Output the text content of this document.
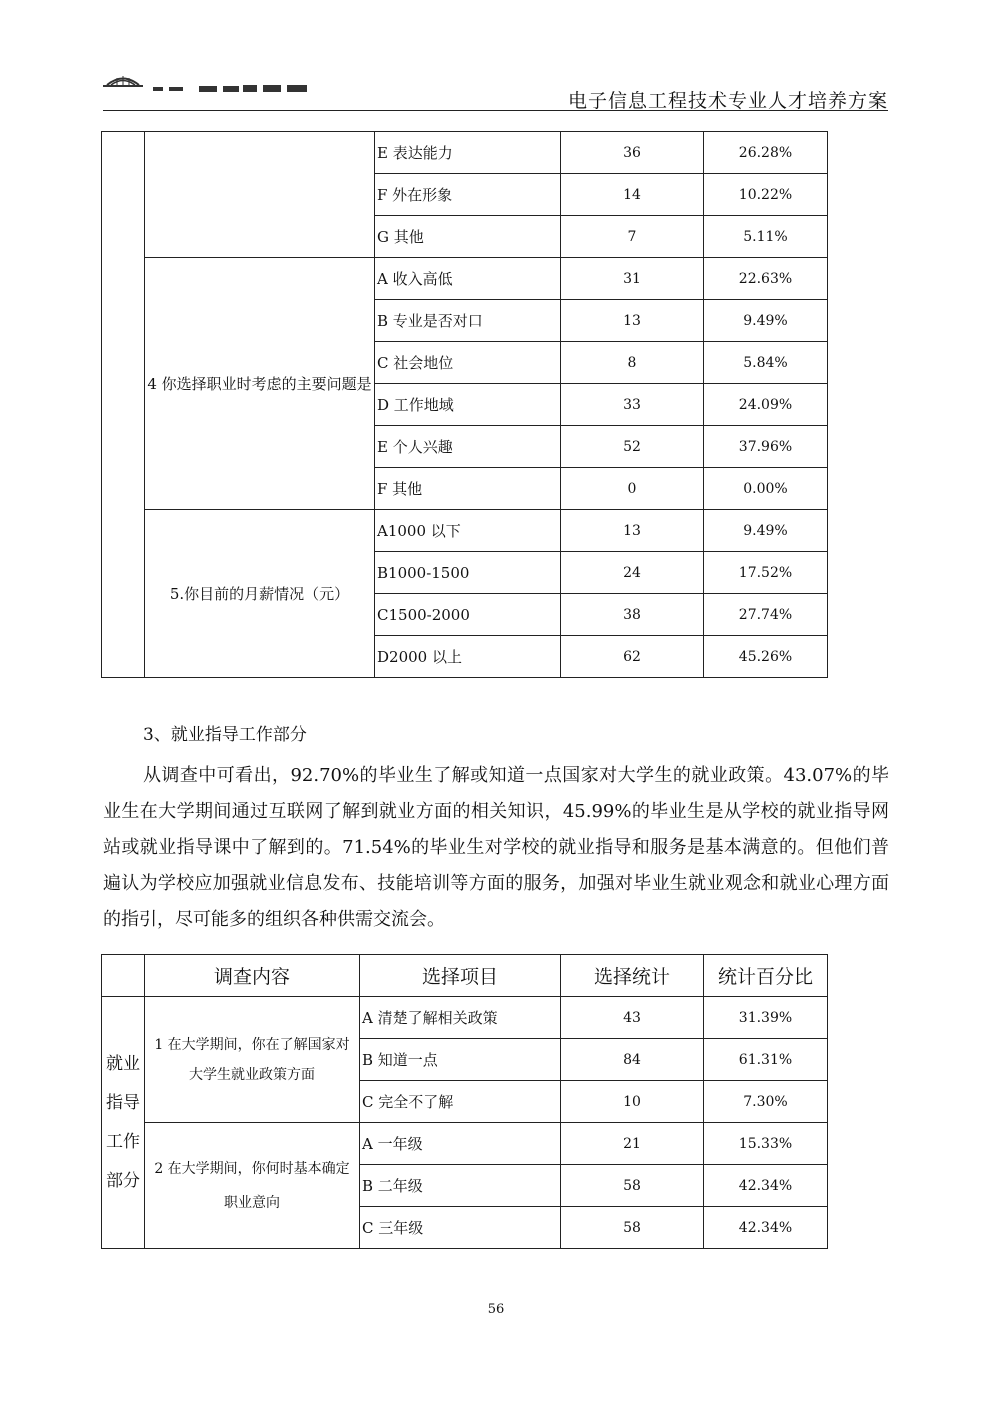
电子信息工程技术专业人才培养方案
		E 表达能力	36	26.28%
		F 外在形象	14	10.22%
		G 其他	7	5.11%
	4 你选择职业时考虑的主要问题是	A 收入高低	31	22.63%
		B 专业是否对口	13	9.49%
		C 社会地位	8	5.84%
		D 工作地域	33	24.09%
		E 个人兴趣	52	37.96%
		F 其他	0	0.00%
	5.你目前的月薪情况（元）	A1000 以下	13	9.49%
		B1000-1500	24	17.52%
		C1500-2000	38	27.74%
		D2000 以上	62	45.26%
3、就业指导工作部分
从调查中可看出，92.70%的毕业生了解或知道一点国家对大学生的就业政策。43.07%的毕业生在大学期间通过互联网了解到就业方面的相关知识，45.99%的毕业生是从学校的就业指导网站或就业指导课中了解到的。71.54%的毕业生对学校的就业指导和服务是基本满意的。但他们普遍认为学校应加强就业信息发布、技能培训等方面的服务，加强对毕业生就业观念和就业心理方面的指引，尽可能多的组织各种供需交流会。
	调查内容	选择项目	选择统计	统计百分比
就业指导工作部分	1 在大学期间，你在了解国家对大学生就业政策方面	A 清楚了解相关政策	43	31.39%
		B 知道一点	84	61.31%
		C 完全不了解	10	7.30%
	2 在大学期间，你何时基本确定职业意向	A 一年级	21	15.33%
		B 二年级	58	42.34%
		C 三年级	58	42.34%
56
